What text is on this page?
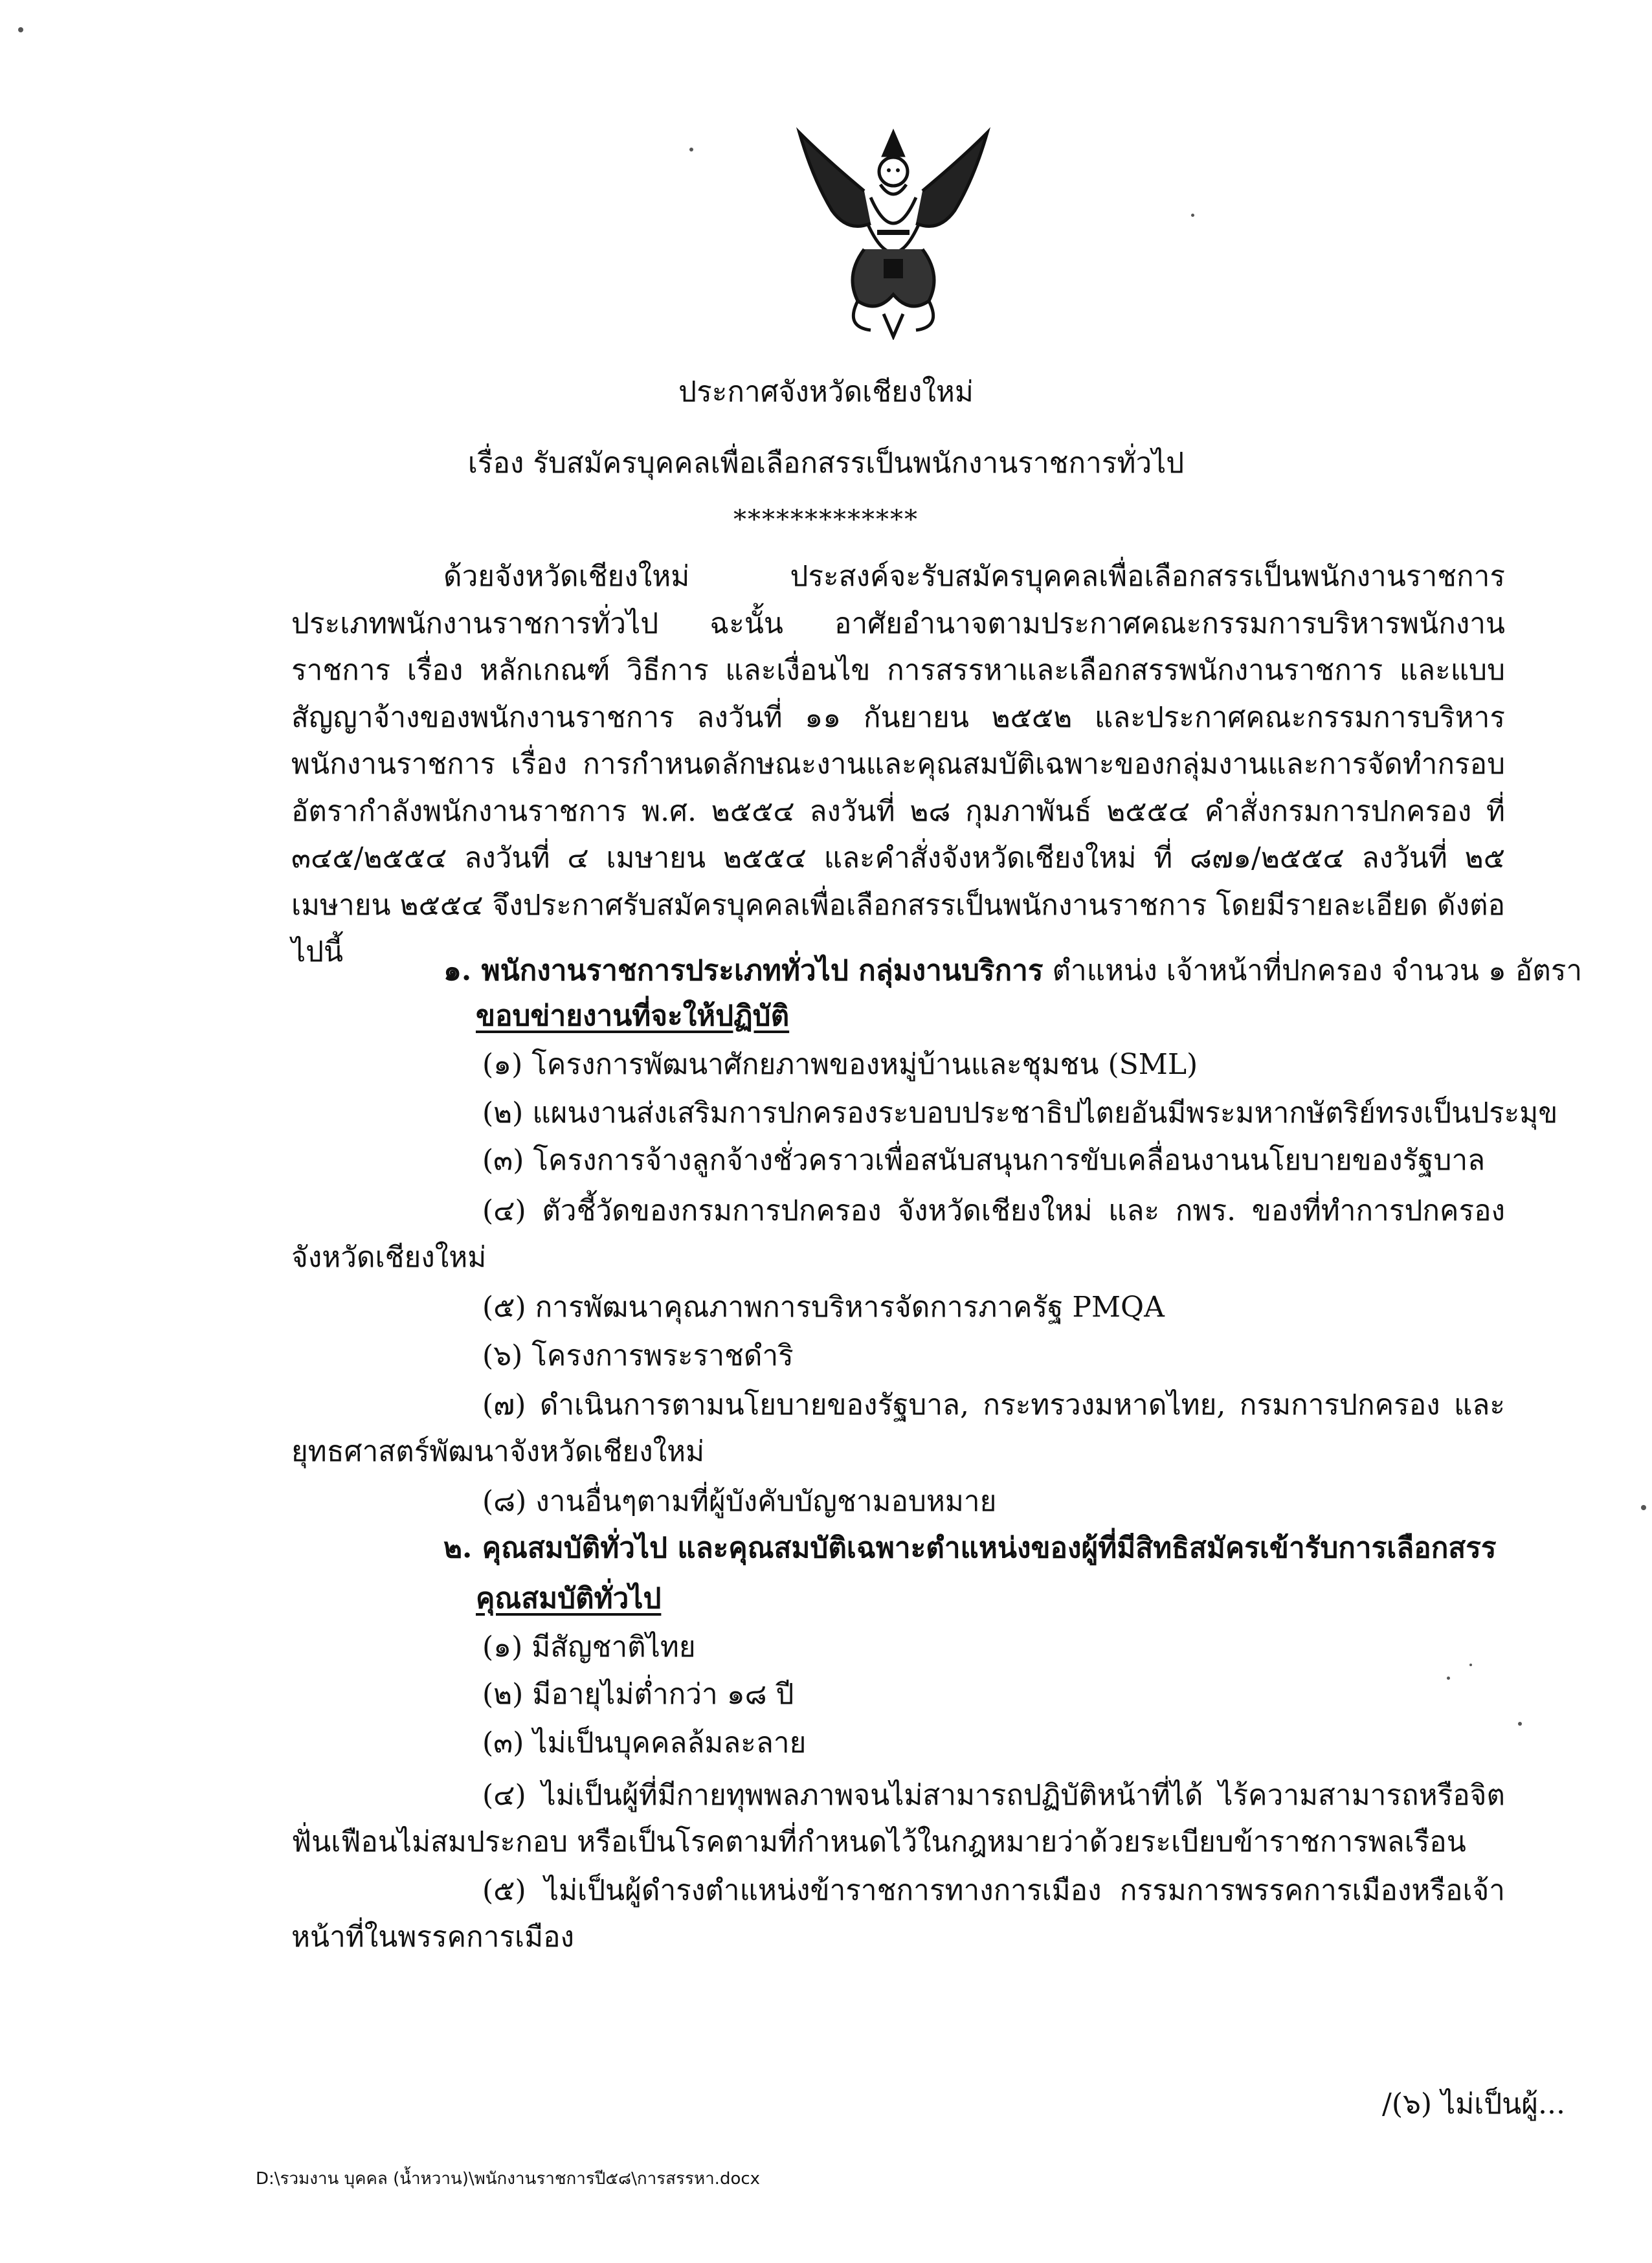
ประกาศจังหวัดเชียงใหม่
เรื่อง รับสมัครบุคคลเพื่อเลือกสรรเป็นพนักงานราชการทั่วไป
*************

ด้วยจังหวัดเชียงใหม่ ประสงค์จะรับสมัครบุคคลเพื่อเลือกสรรเป็นพนักงานราชการประเภทพนักงานราชการทั่วไป ฉะนั้น อาศัยอำนาจตามประกาศคณะกรรมการบริหารพนักงานราชการ เรื่อง หลักเกณฑ์ วิธีการ และเงื่อนไข การสรรหาและเลือกสรรพนักงานราชการ และแบบสัญญาจ้างของพนักงานราชการ ลงวันที่ ๑๑ กันยายน ๒๕๕๒ และประกาศคณะกรรมการบริหารพนักงานราชการ เรื่อง การกำหนดลักษณะงานและคุณสมบัติเฉพาะของกลุ่มงานและการจัดทำกรอบอัตรากำลังพนักงานราชการ พ.ศ. ๒๕๕๔ ลงวันที่ ๒๘ กุมภาพันธ์ ๒๕๕๔ คำสั่งกรมการปกครอง ที่ ๓๔๕/๒๕๕๔ ลงวันที่ ๔ เมษายน ๒๕๕๔ และคำสั่งจังหวัดเชียงใหม่ ที่ ๘๗๑/๒๕๕๔ ลงวันที่ ๒๕ เมษายน ๒๕๕๔ จึงประกาศรับสมัครบุคคลเพื่อเลือกสรรเป็นพนักงานราชการ โดยมีรายละเอียด ดังต่อไปนี้

๑. พนักงานราชการประเภททั่วไป กลุ่มงานบริการ ตำแหน่ง เจ้าหน้าที่ปกครอง จำนวน ๑ อัตรา
ขอบข่ายงานที่จะให้ปฏิบัติ
(๑) โครงการพัฒนาศักยภาพของหมู่บ้านและชุมชน (SML)
(๒) แผนงานส่งเสริมการปกครองระบอบประชาธิปไตยอันมีพระมหากษัตริย์ทรงเป็นประมุข
(๓) โครงการจ้างลูกจ้างชั่วคราวเพื่อสนับสนุนการขับเคลื่อนงานนโยบายของรัฐบาล

(๔) ตัวชี้วัดของกรมการปกครอง จังหวัดเชียงใหม่ และ กพร. ของที่ทำการปกครองจังหวัดเชียงใหม่

(๕) การพัฒนาคุณภาพการบริหารจัดการภาครัฐ PMQA
(๖) โครงการพระราชดำริ

(๗) ดำเนินการตามนโยบายของรัฐบาล, กระทรวงมหาดไทย, กรมการปกครอง และยุทธศาสตร์พัฒนาจังหวัดเชียงใหม่

(๘) งานอื่นๆตามที่ผู้บังคับบัญชามอบหมาย
๒. คุณสมบัติทั่วไป และคุณสมบัติเฉพาะตำแหน่งของผู้ที่มีสิทธิสมัครเข้ารับการเลือกสรร
คุณสมบัติทั่วไป
(๑) มีสัญชาติไทย
(๒) มีอายุไม่ต่ำกว่า ๑๘ ปี
(๓) ไม่เป็นบุคคลล้มละลาย

(๔) ไม่เป็นผู้ที่มีกายทุพพลภาพจนไม่สามารถปฏิบัติหน้าที่ได้ ไร้ความสามารถหรือจิตฟั่นเฟือนไม่สมประกอบ หรือเป็นโรคตามที่กำหนดไว้ในกฎหมายว่าด้วยระเบียบข้าราชการพลเรือน

(๕) ไม่เป็นผู้ดำรงตำแหน่งข้าราชการทางการเมือง กรรมการพรรคการเมืองหรือเจ้าหน้าที่ในพรรคการเมือง

/(๖) ไม่เป็นผู้...
D:\รวมงาน บุคคล (น้ำหวาน)\พนักงานราชการปี๕๘\การสรรหา.docx
